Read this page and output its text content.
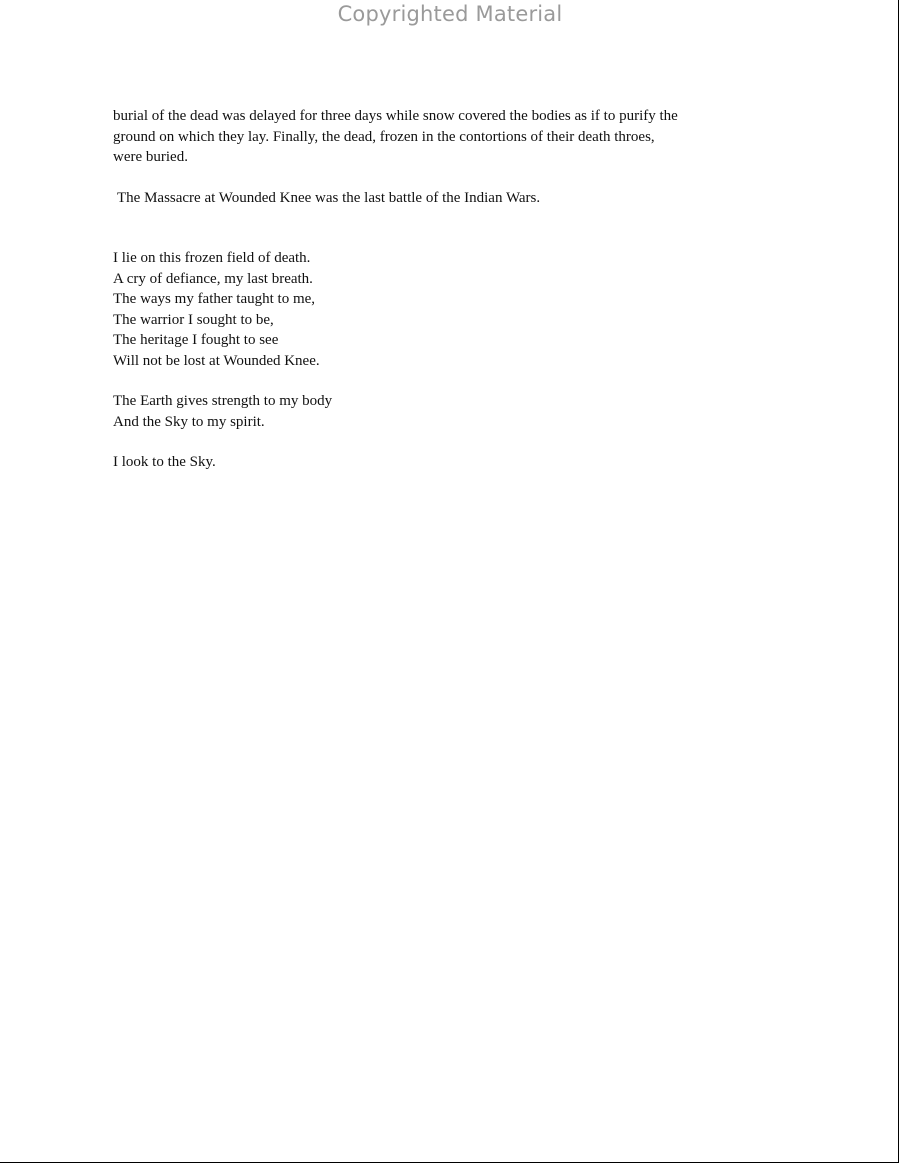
Copyrighted Material

burial of the dead was delayed for three days while snow covered the bodies as if to purify the
ground on which they lay. Finally, the dead, frozen in the contortions of their death throes,
were buried.

The Massacre at Wounded Knee was the last battle of the Indian Wars.

I lie on this frozen field of death.
A cry of defiance, my last breath.
The ways my father taught to me,
The warrior I sought to be,
The heritage I fought to see
Will not be lost at Wounded Knee.
The Earth gives strength to my body
And the Sky to my spirit.
I look to the Sky.
